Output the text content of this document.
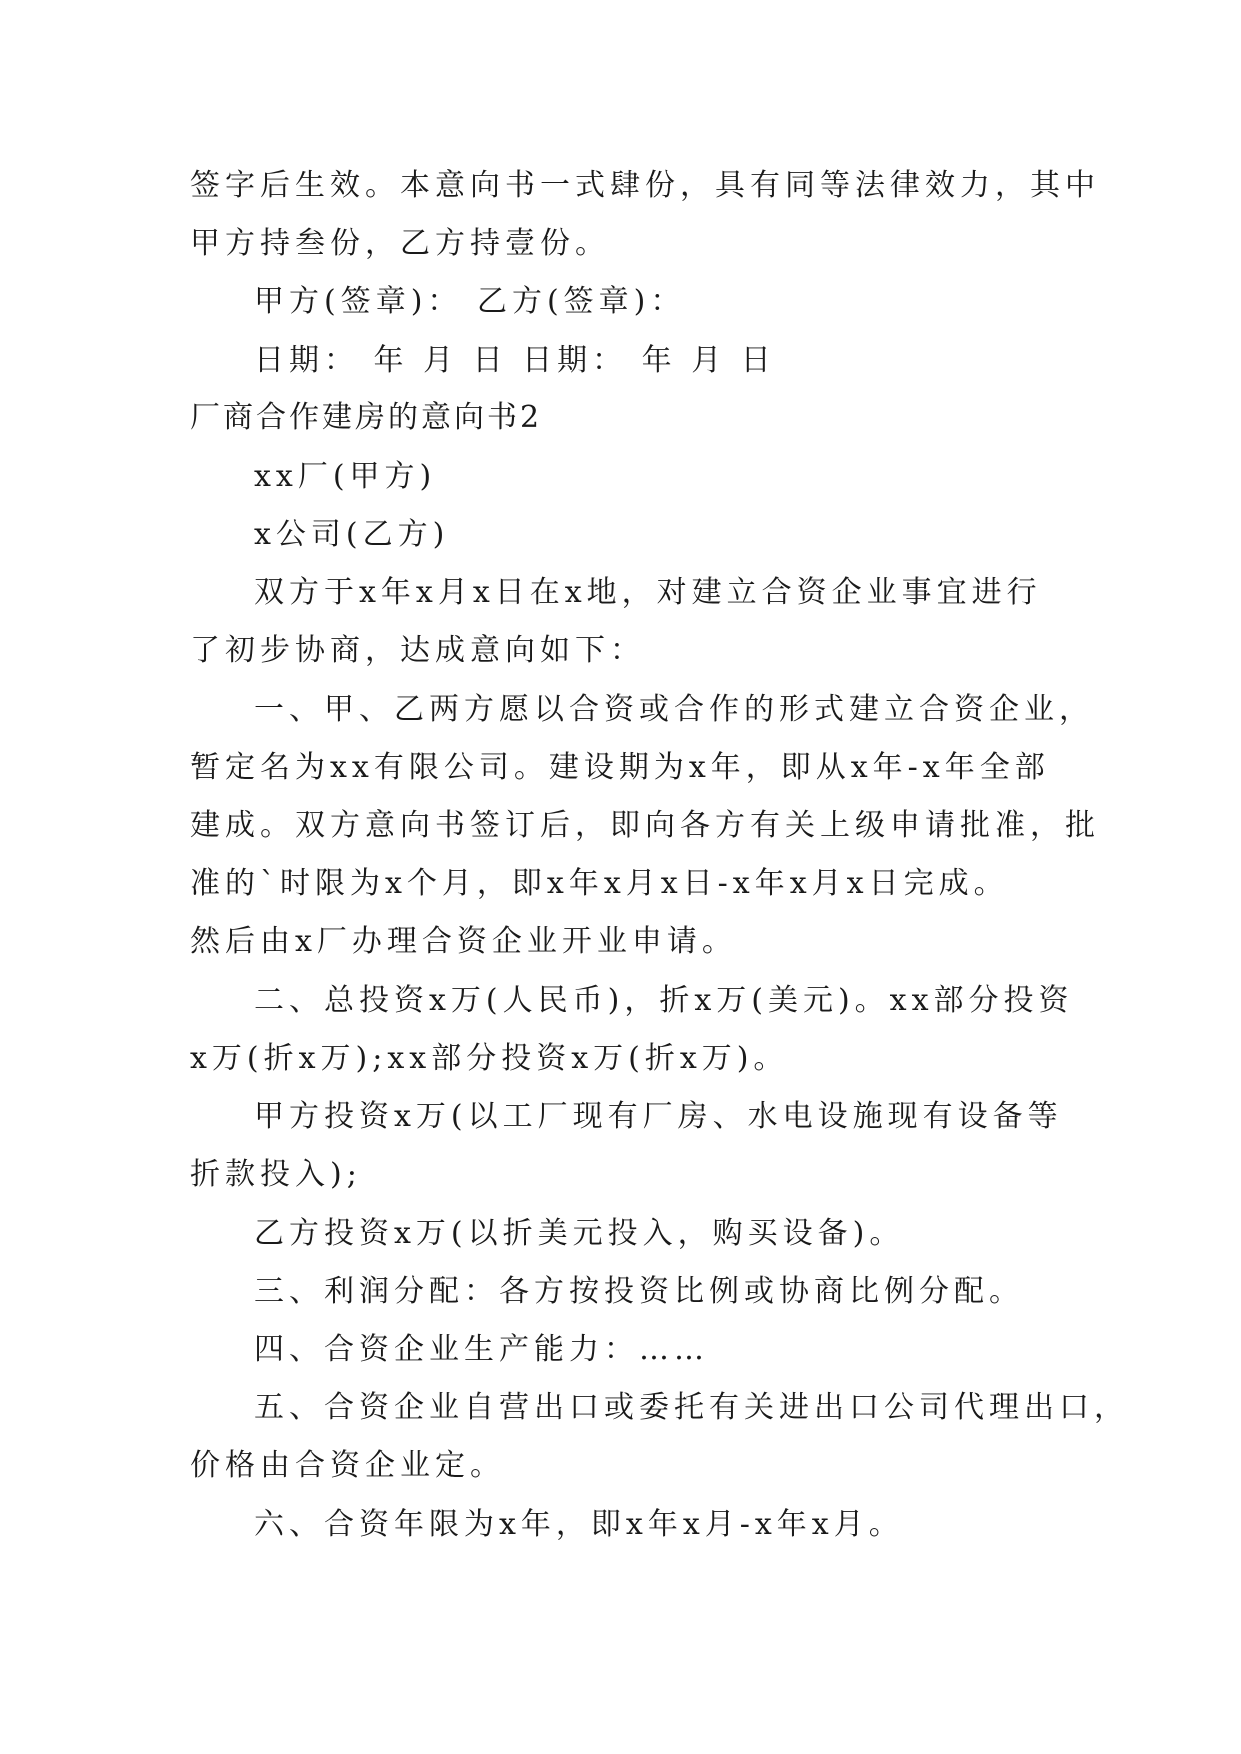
签字后生效。本意向书一式肆份，具有同等法律效力，其中
甲方持叁份，乙方持壹份。
甲方(签章)： 乙方(签章)：
日期： 年 月 日 日期： 年 月 日
厂商合作建房的意向书2
xx厂(甲方)
x公司(乙方)
双方于x年x月x日在x地，对建立合资企业事宜进行
了初步协商，达成意向如下：
一、甲、乙两方愿以合资或合作的形式建立合资企业，
暂定名为xx有限公司。建设期为x年，即从x年-x年全部
建成。双方意向书签订后，即向各方有关上级申请批准，批
准的`时限为x个月，即x年x月x日-x年x月x日完成。
然后由x厂办理合资企业开业申请。
二、总投资x万(人民币)，折x万(美元)。xx部分投资
x万(折x万);xx部分投资x万(折x万)。
甲方投资x万(以工厂现有厂房、水电设施现有设备等
折款投入);
乙方投资x万(以折美元投入，购买设备)。
三、利润分配：各方按投资比例或协商比例分配。
四、合资企业生产能力：……
五、合资企业自营出口或委托有关进出口公司代理出口，
价格由合资企业定。
六、合资年限为x年，即x年x月-x年x月。
